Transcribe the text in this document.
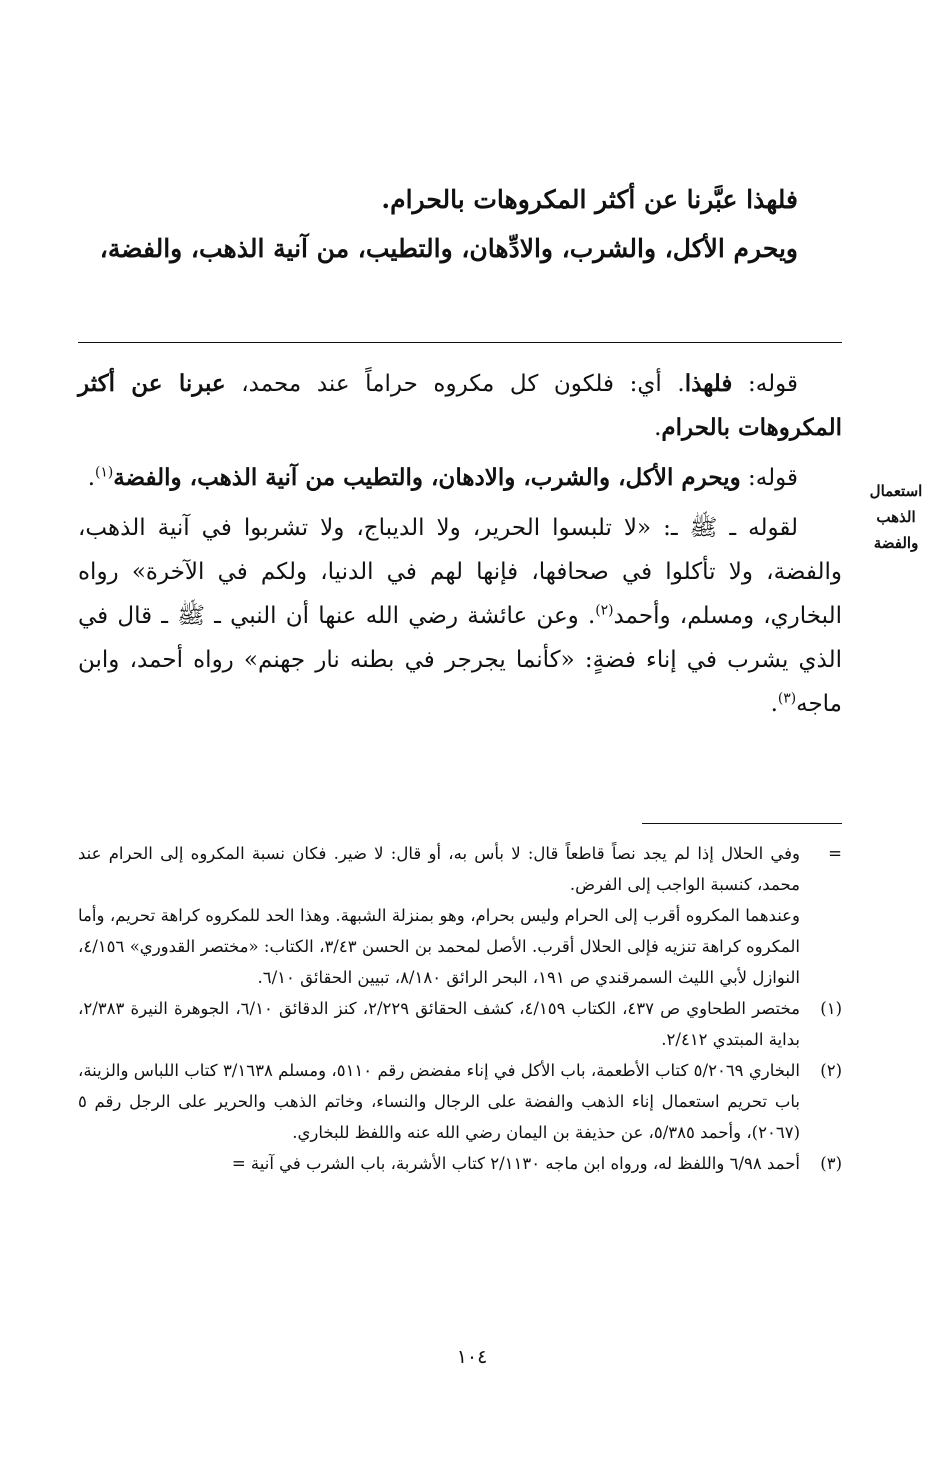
فلهذا عبَّرنا عن أكثر المكروهات بالحرام.

ويحرم الأكل، والشرب، والادِّهان، والتطيب، من آنية الذهب، والفضة،

قوله: فلهذا. أي: فلكون كل مكروه حراماً عند محمد، عبرنا عن أكثر المكروهات بالحرام.

قوله: ويحرم الأكل، والشرب، والادهان، والتطيب من آنية الذهب، والفضة$^{(١)}$.

لقوله ـ ﷺ ـ: «لا تلبسوا الحرير، ولا الديباج، ولا تشربوا في آنية الذهب، والفضة، ولا تأكلوا في صحافها، فإنها لهم في الدنيا، ولكم في الآخرة» رواه البخاري، ومسلم، وأحمد$^{(٢)}$. وعن عائشة رضي الله عنها أن النبي ـ ﷺ ـ قال في الذي يشرب في إناء فضةٍ: «كأنما يجرجر في بطنه نار جهنم» رواه أحمد، وابن ماجه$^{(٣)}$.

استعمال
الذهب
والفضة
=
وفي الحلال إذا لم يجد نصاً قاطعاً قال: لا بأس به، أو قال: لا ضير. فكان نسبة المكروه إلى الحرام عند محمد، كنسبة الواجب إلى الفرض.
وعندهما المكروه أقرب إلى الحرام وليس بحرام، وهو بمنزلة الشبهة. وهذا الحد للمكروه كراهة تحريم، وأما المكروه كراهة تنزيه فإلى الحلال أقرب. الأصل لمحمد بن الحسن ٣/٤٣، الكتاب: «مختصر القدوري» ٤/١٥٦، النوازل لأبي الليث السمرقندي ص ١٩١، البحر الرائق ٨/١٨٠، تبيين الحقائق ٦/١٠.
(١)
مختصر الطحاوي ص ٤٣٧، الكتاب ٤/١٥٩، كشف الحقائق ٢/٢٢٩، كنز الدقائق ٦/١٠، الجوهرة النيرة ٢/٣٨٣، بداية المبتدي ٢/٤١٢.
(٢)
البخاري ٥/٢٠٦٩ كتاب الأطعمة، باب الأكل في إناء مفضض رقم ٥١١٠، ومسلم ٣/١٦٣٨ كتاب اللباس والزينة، باب تحريم استعمال إناء الذهب والفضة على الرجال والنساء، وخاتم الذهب والحرير على الرجل رقم ٥ (٢٠٦٧)، وأحمد ٥/٣٨٥، عن حذيفة بن اليمان رضي الله عنه واللفظ للبخاري.
(٣)
أحمد ٦/٩٨ واللفظ له، ورواه ابن ماجه ٢/١١٣٠ كتاب الأشربة، باب الشرب في آنية =
١٠٤
